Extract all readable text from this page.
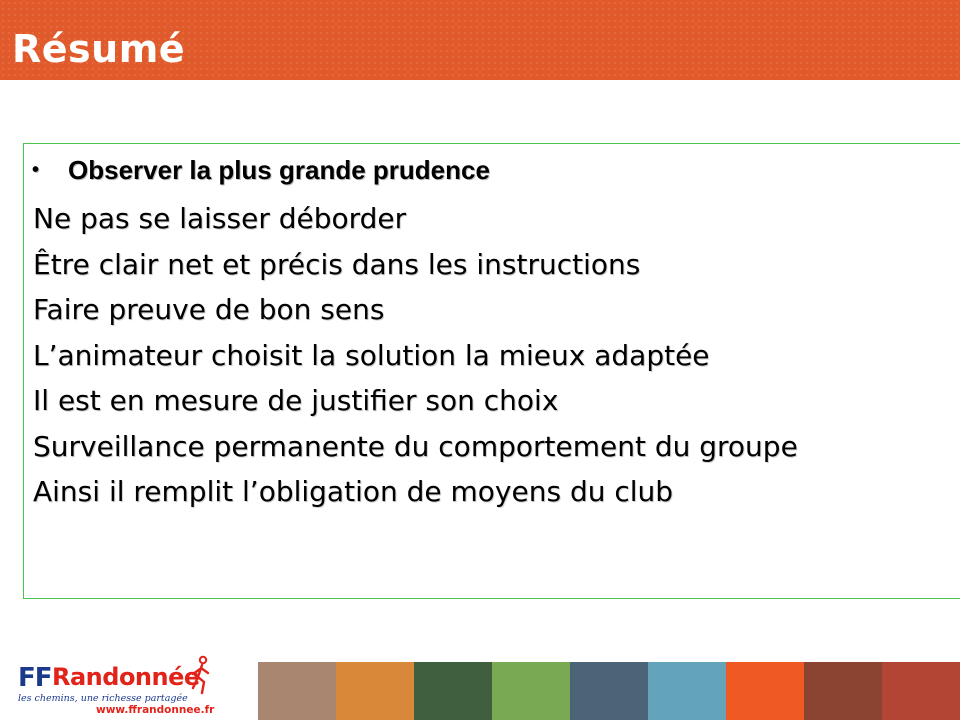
Résumé
•	Observer la plus grande prudence
Ne pas se laisser déborder
Être clair net et précis dans les instructions
Faire preuve de bon sens
L’animateur choisit la solution la mieux adaptée
Il est en mesure de justifier son choix
Surveillance permanente du comportement du groupe
Ainsi il remplit l’obligation de moyens du club
FF Randonnée
les chemins, une richesse partagée
www.ffrandonnee.fr
